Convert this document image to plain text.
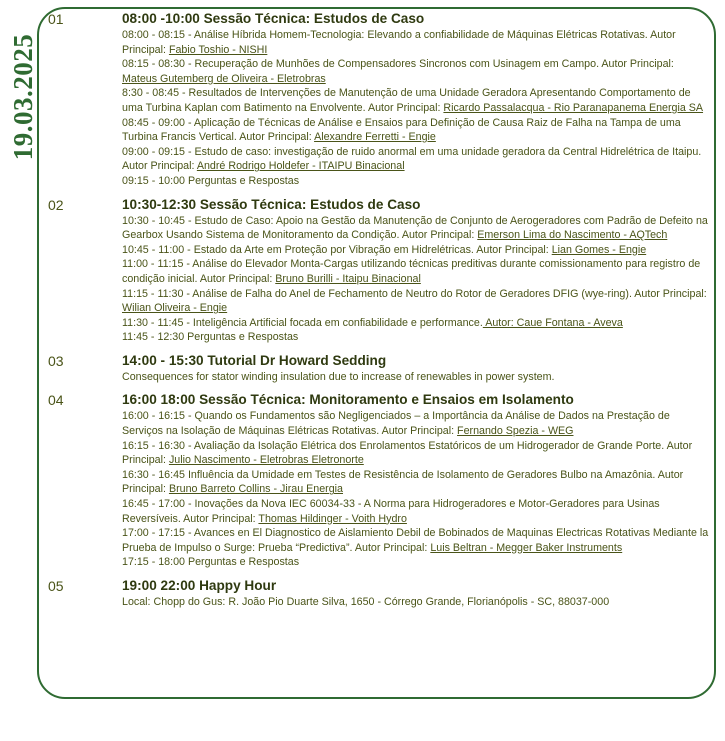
19.03.2025
01	08:00 -10:00 Sessão Técnica: Estudos de Caso
08:00 - 08:15 - Análise Híbrida Homem-Tecnologia: Elevando a confiabilidade de Máquinas Elétricas Rotativas. Autor Principal: Fabio Toshio - NISHI
08:15 - 08:30 - Recuperação de Munhões de Compensadores Sincronos com Usinagem em Campo. Autor Principal: Mateus Gutemberg de Oliveira - Eletrobras
8:30 - 08:45 - Resultados de Intervenções de Manutenção de uma Unidade Geradora Apresentando Comportamento de uma Turbina Kaplan com Batimento na Envolvente. Autor Principal: Ricardo Passalacqua - Rio Paranapanema Energia SA
08:45 - 09:00 - Aplicação de Técnicas de Análise e Ensaios para Definição de Causa Raiz de Falha na Tampa de uma Turbina Francis Vertical. Autor Principal: Alexandre Ferretti - Engie
09:00 - 09:15 - Estudo de caso: investigação de ruido anormal em uma unidade geradora da Central Hidrelétrica de Itaipu. Autor Principal: André Rodrigo Holdefer - ITAIPU Binacional
09:15 - 10:00 Perguntas e Respostas
02	10:30-12:30 Sessão Técnica: Estudos de Caso
10:30 - 10:45 - Estudo de Caso: Apoio na Gestão da Manutenção de Conjunto de Aerogeradores com Padrão de Defeito na Gearbox Usando Sistema de Monitoramento da Condição. Autor Principal: Emerson Lima do Nascimento - AQTech
10:45 - 11:00 - Estado da Arte em Proteção por Vibração em Hidrelétricas. Autor Principal: Lian Gomes - Engie
11:00 - 11:15 - Análise do Elevador Monta-Cargas utilizando técnicas preditivas durante comissionamento para registro de condição inicial. Autor Principal: Bruno Burilli - Itaipu Binacional
11:15 - 11:30 - Análise de Falha do Anel de Fechamento de Neutro do Rotor de Geradores DFIG (wye-ring). Autor Principal: Wilian Oliveira - Engie
11:30 - 11:45 - Inteligência Artificial focada em confiabilidade e performance. Autor: Caue Fontana - Aveva
11:45 - 12:30 Perguntas e Respostas
03	14:00 - 15:30 Tutorial Dr Howard Sedding
Consequences for stator winding insulation due to increase of renewables in power system.
04	16:00 18:00 Sessão Técnica: Monitoramento e Ensaios em Isolamento
16:00 - 16:15 - Quando os Fundamentos são Negligenciados – a Importância da Análise de Dados na Prestação de Serviços na Isolação de Máquinas Elétricas Rotativas. Autor Principal: Fernando Spezia - WEG
16:15 - 16:30 - Avaliação da Isolação Elétrica dos Enrolamentos Estatóricos de um Hidrogerador de Grande Porte. Autor Principal: Julio Nascimento - Eletrobras Eletronorte
16:30 - 16:45 Influência da Umidade em Testes de Resistência de Isolamento de Geradores Bulbo na Amazônia. Autor Principal: Bruno Barreto Collins - Jirau Energia
16:45 - 17:00 - Inovações da Nova IEC 60034-33 - A Norma para Hidrogeradores e Motor-Geradores para Usinas Reversíveis. Autor Principal: Thomas Hildinger - Voith Hydro
17:00 - 17:15 - Avances en El Diagnostico de Aislamiento Debil de Bobinados de Maquinas Electricas Rotativas Mediante la Prueba de Impulso o Surge: Prueba “Predictiva”. Autor Principal: Luis Beltran - Megger Baker Instruments
17:15 - 18:00 Perguntas e Respostas
05	19:00 22:00 Happy Hour
Local: Chopp do Gus: R. João Pio Duarte Silva, 1650 - Córrego Grande, Florianópolis - SC, 88037-000
